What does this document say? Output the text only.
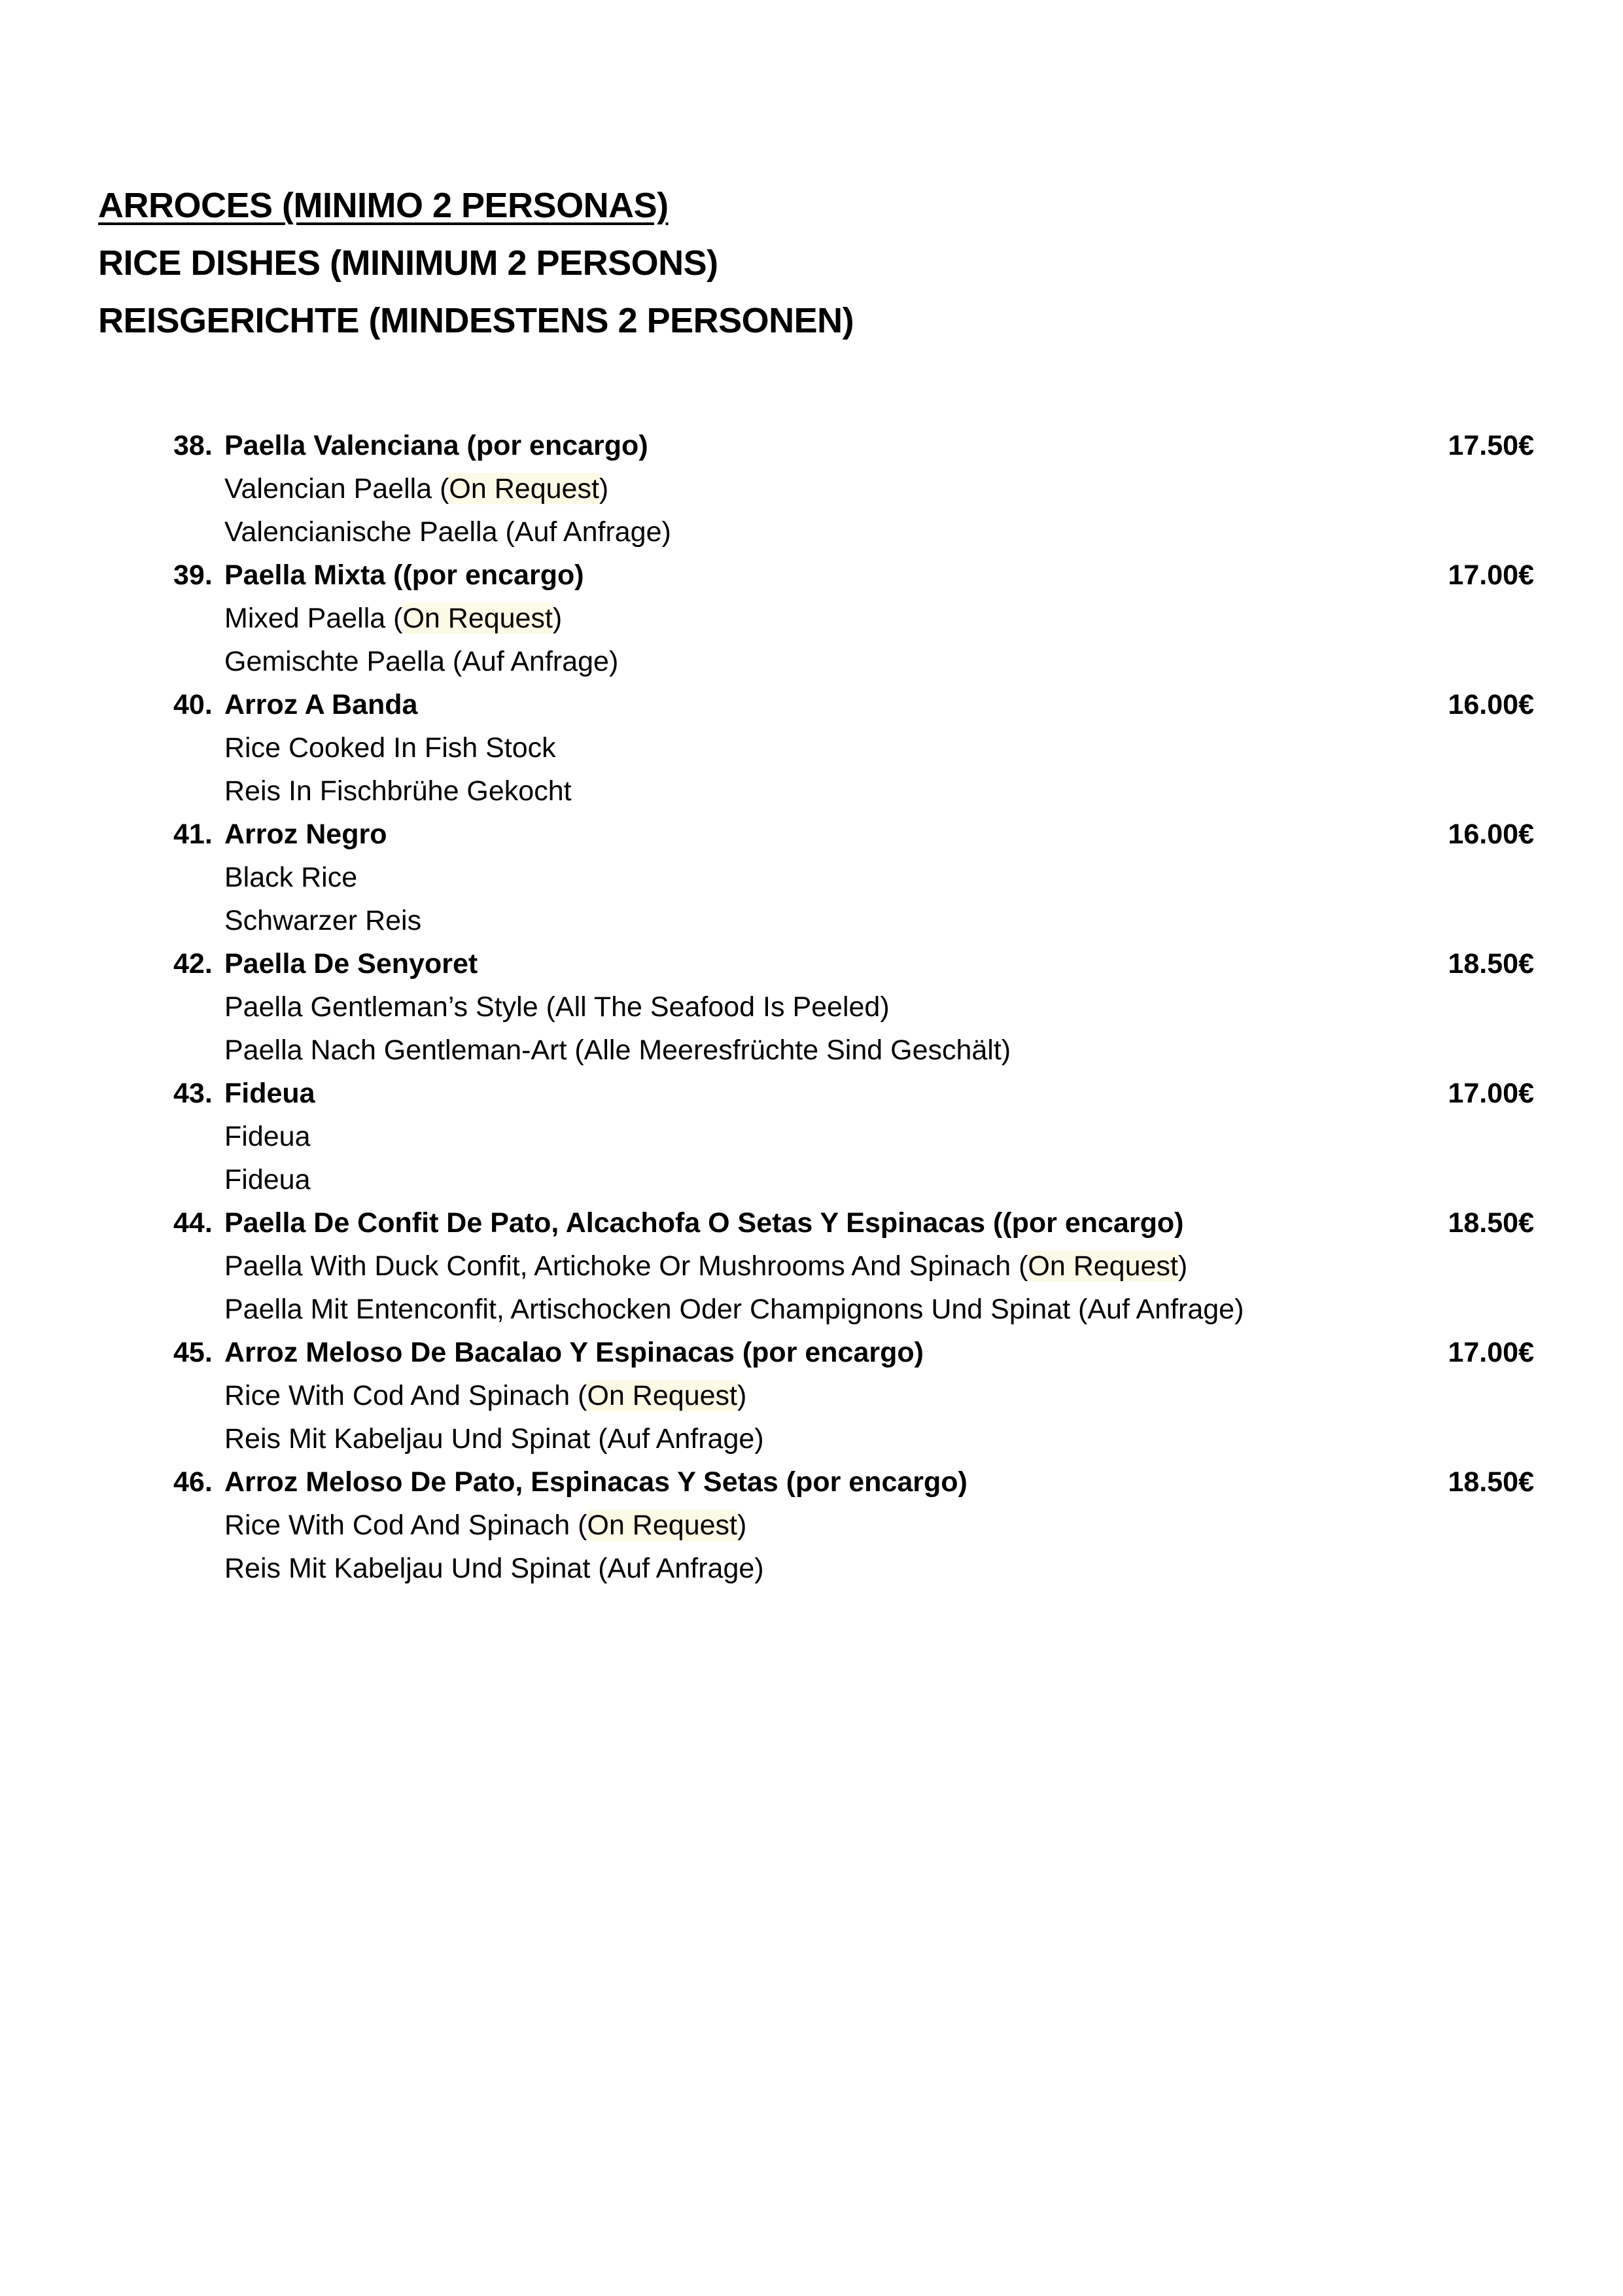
ARROCES (MINIMO 2 PERSONAS)
RICE DISHES (MINIMUM 2 PERSONS)
REISGERICHTE (MINDESTENS 2 PERSONEN)
38. Paella Valenciana (por encargo)	17.50€
Valencian Paella (On Request)
Valencianische Paella (Auf Anfrage)
39. Paella Mixta ((por encargo)	17.00€
Mixed Paella (On Request)
Gemischte Paella (Auf Anfrage)
40. Arroz A Banda	16.00€
Rice Cooked In Fish Stock
Reis In Fischbrühe Gekocht
41. Arroz Negro	16.00€
Black Rice
Schwarzer Reis
42. Paella De Senyoret	18.50€
Paella Gentleman’s Style (All The Seafood Is Peeled)
Paella Nach Gentleman-Art (Alle Meeresfrüchte Sind Geschält)
43. Fideua	17.00€
Fideua
Fideua
44. Paella De Confit De Pato, Alcachofa O Setas Y Espinacas ((por encargo)	18.50€
Paella With Duck Confit, Artichoke Or Mushrooms And Spinach (On Request)
Paella Mit Entenconfit, Artischocken Oder Champignons Und Spinat (Auf Anfrage)
45. Arroz Meloso De Bacalao Y Espinacas (por encargo)	17.00€
Rice With Cod And Spinach (On Request)
Reis Mit Kabeljau Und Spinat (Auf Anfrage)
46. Arroz Meloso De Pato, Espinacas Y Setas (por encargo)	18.50€
Rice With Cod And Spinach (On Request)
Reis Mit Kabeljau Und Spinat (Auf Anfrage)
